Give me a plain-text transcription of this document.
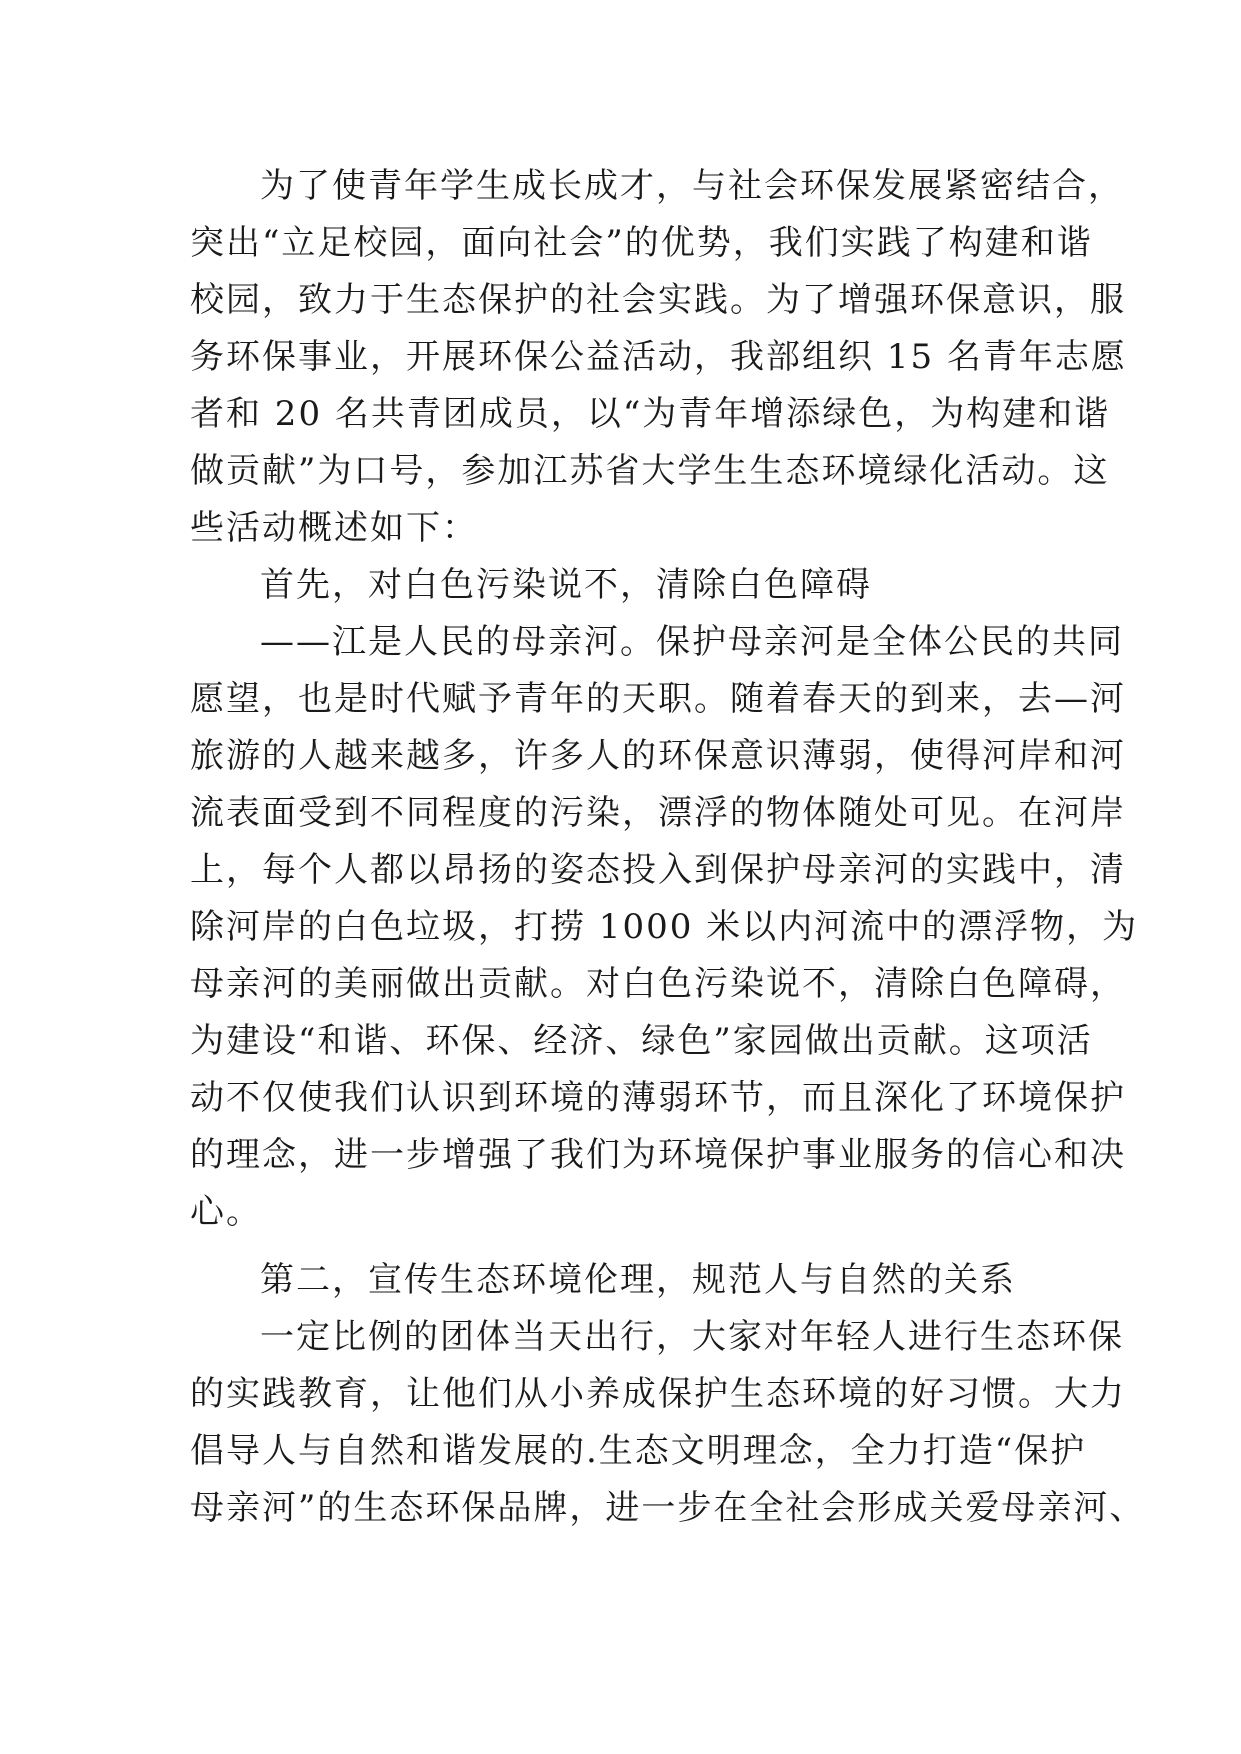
为了使青年学生成长成才，与社会环保发展紧密结合，
突出“立足校园，面向社会”的优势，我们实践了构建和谐
校园，致力于生态保护的社会实践。为了增强环保意识，服
务环保事业，开展环保公益活动，我部组织 15 名青年志愿
者和 20 名共青团成员，以“为青年增添绿色，为构建和谐
做贡献”为口号，参加江苏省大学生生态环境绿化活动。这
些活动概述如下：
首先，对白色污染说不，清除白色障碍
——江是人民的母亲河。保护母亲河是全体公民的共同
愿望，也是时代赋予青年的天职。随着春天的到来，去—河
旅游的人越来越多，许多人的环保意识薄弱，使得河岸和河
流表面受到不同程度的污染，漂浮的物体随处可见。在河岸
上，每个人都以昂扬的姿态投入到保护母亲河的实践中，清
除河岸的白色垃圾，打捞 1000 米以内河流中的漂浮物，为
母亲河的美丽做出贡献。对白色污染说不，清除白色障碍，
为建设“和谐、环保、经济、绿色”家园做出贡献。这项活
动不仅使我们认识到环境的薄弱环节，而且深化了环境保护
的理念，进一步增强了我们为环境保护事业服务的信心和决
心。
第二，宣传生态环境伦理，规范人与自然的关系
一定比例的团体当天出行，大家对年轻人进行生态环保
的实践教育，让他们从小养成保护生态环境的好习惯。大力
倡导人与自然和谐发展的.生态文明理念，全力打造“保护
母亲河”的生态环保品牌，进一步在全社会形成关爱母亲河、
